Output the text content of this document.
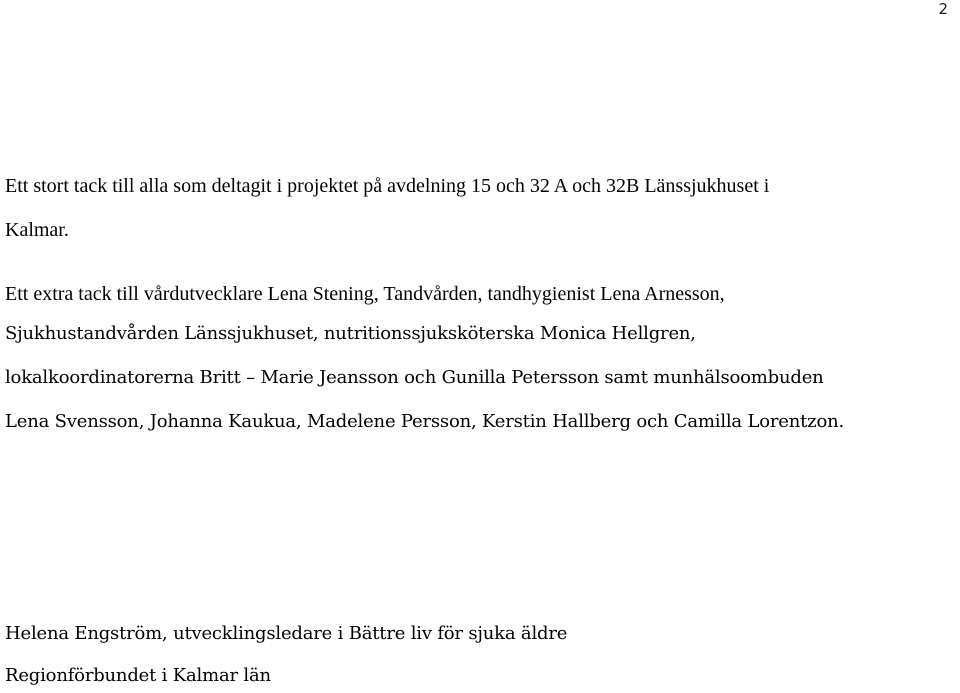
2
Ett stort tack till alla som deltagit i projektet på avdelning 15 och 32 A och 32B Länssjukhuset i
Kalmar.
Ett extra tack till vårdutvecklare Lena Stening, Tandvården, tandhygienist Lena Arnesson,
Sjukhustandvården Länssjukhuset, nutritionssjuksköterska Monica Hellgren,
lokalkoordinatorerna Britt – Marie Jeansson och Gunilla Petersson samt munhälsoombuden
Lena Svensson, Johanna Kaukua, Madelene Persson, Kerstin Hallberg och Camilla Lorentzon.
Helena Engström, utvecklingsledare i Bättre liv för sjuka äldre
Regionförbundet i Kalmar län
